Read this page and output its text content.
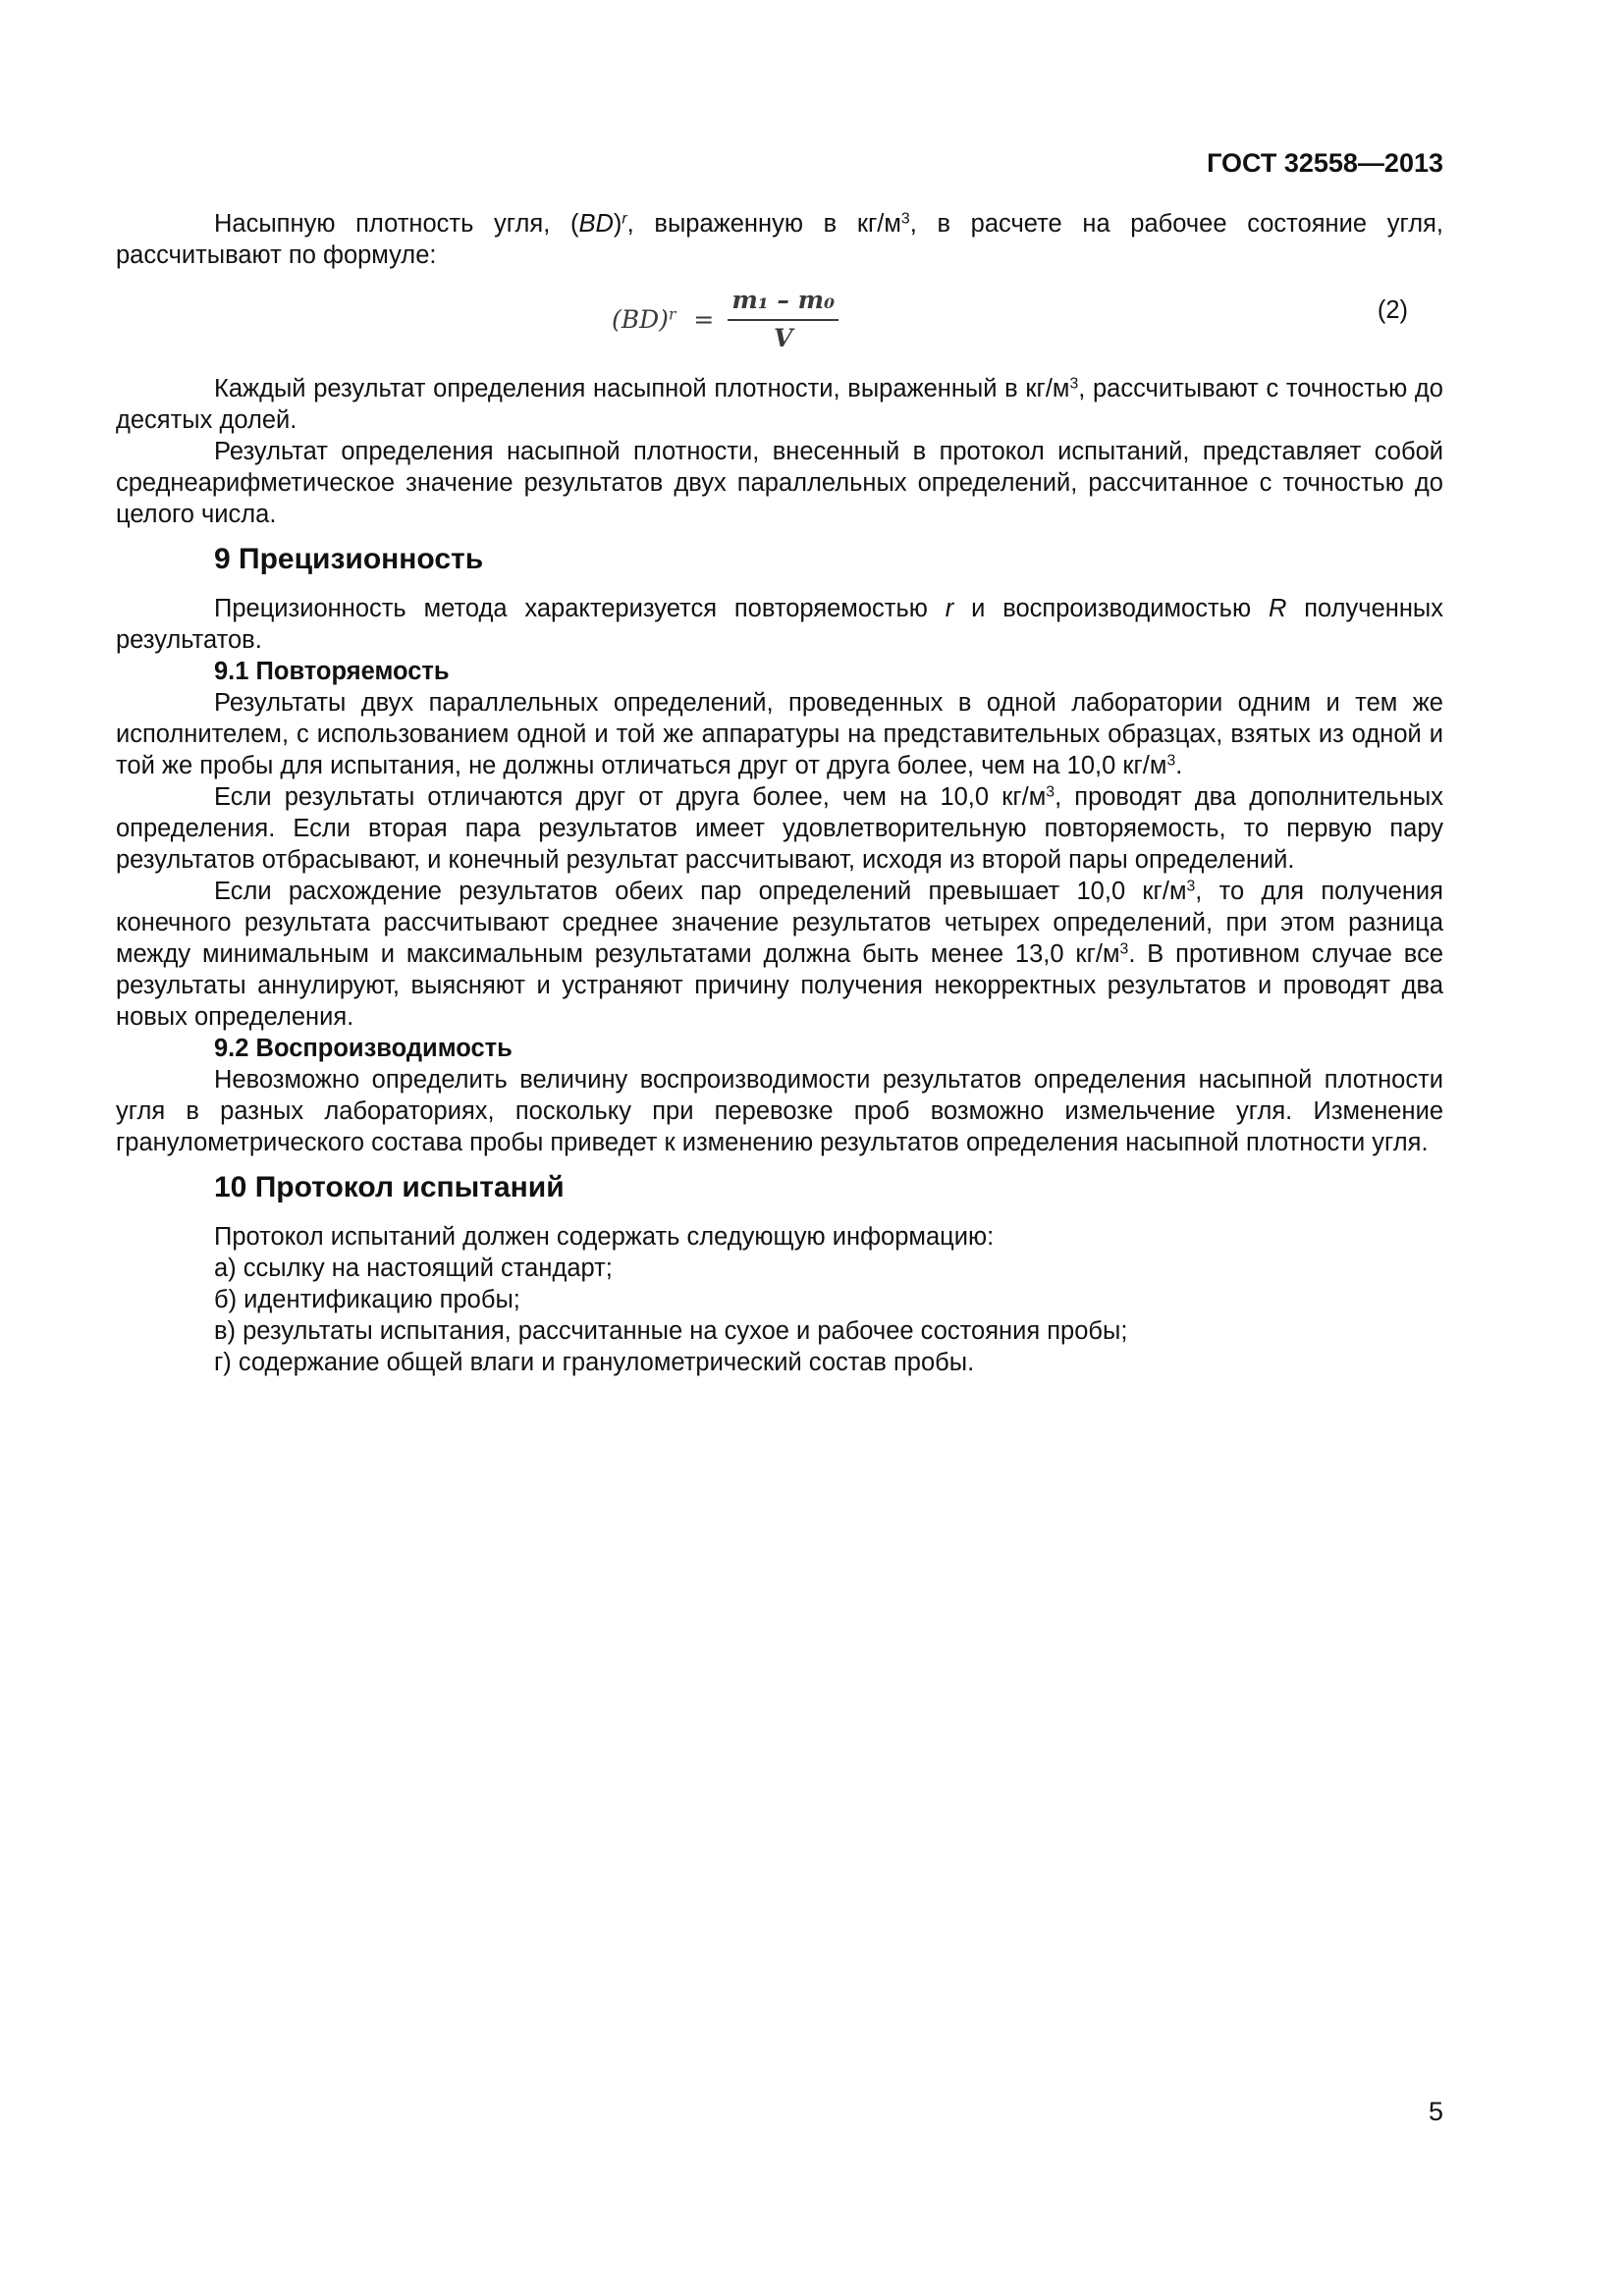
ГОСТ 32558—2013

Насыпную плотность угля, (BD)$^r$, выраженную в $кг/м^3$, в расчете на рабочее состояние угля, рассчитывают по формуле:

$(BD)^r = \frac{\text{m₁ – m₀}}{V}$	(2)

Каждый результат определения насыпной плотности, выраженный в $кг/м^3$, рассчитывают с точностью до десятых долей.

Результат определения насыпной плотности, внесенный в протокол испытаний, представляет собой среднеарифметическое значение результатов двух параллельных определений, рассчитанное с точностью до целого числа.

9 Прецизионность

Прецизионность метода характеризуется повторяемостью r и воспроизводимостью R полученных результатов.

9.1 Повторяемость

Результаты двух параллельных определений, проведенных в одной лаборатории одним и тем же исполнителем, с использованием одной и той же аппаратуры на представительных образцах, взятых из одной и той же пробы для испытания, не должны отличаться друг от друга более, чем на 10,0 $кг/м^3$.

Если результаты отличаются друг от друга более, чем на 10,0 $кг/м^3$, проводят два дополнительных определения. Если вторая пара результатов имеет удовлетворительную повторяемость, то первую пару результатов отбрасывают, и конечный результат рассчитывают, исходя из второй пары определений.

Если расхождение результатов обеих пар определений превышает 10,0 $кг/м^3$, то для получения конечного результата рассчитывают среднее значение результатов четырех определений, при этом разница между минимальным и максимальным результатами должна быть менее 13,0 $кг/м^3$. В противном случае все результаты аннулируют, выясняют и устраняют причину получения некорректных результатов и проводят два новых определения.

9.2 Воспроизводимость

Невозможно определить величину воспроизводимости результатов определения насыпной плотности угля в разных лабораториях, поскольку при перевозке проб возможно измельчение угля. Изменение гранулометрического состава пробы приведет к изменению результатов определения насыпной плотности угля.

10 Протокол испытаний

Протокол испытаний должен содержать следующую информацию:

а) ссылку на настоящий стандарт;

б) идентификацию пробы;

в) результаты испытания, рассчитанные на сухое и рабочее состояния пробы;

г) содержание общей влаги и гранулометрический состав пробы.

5
